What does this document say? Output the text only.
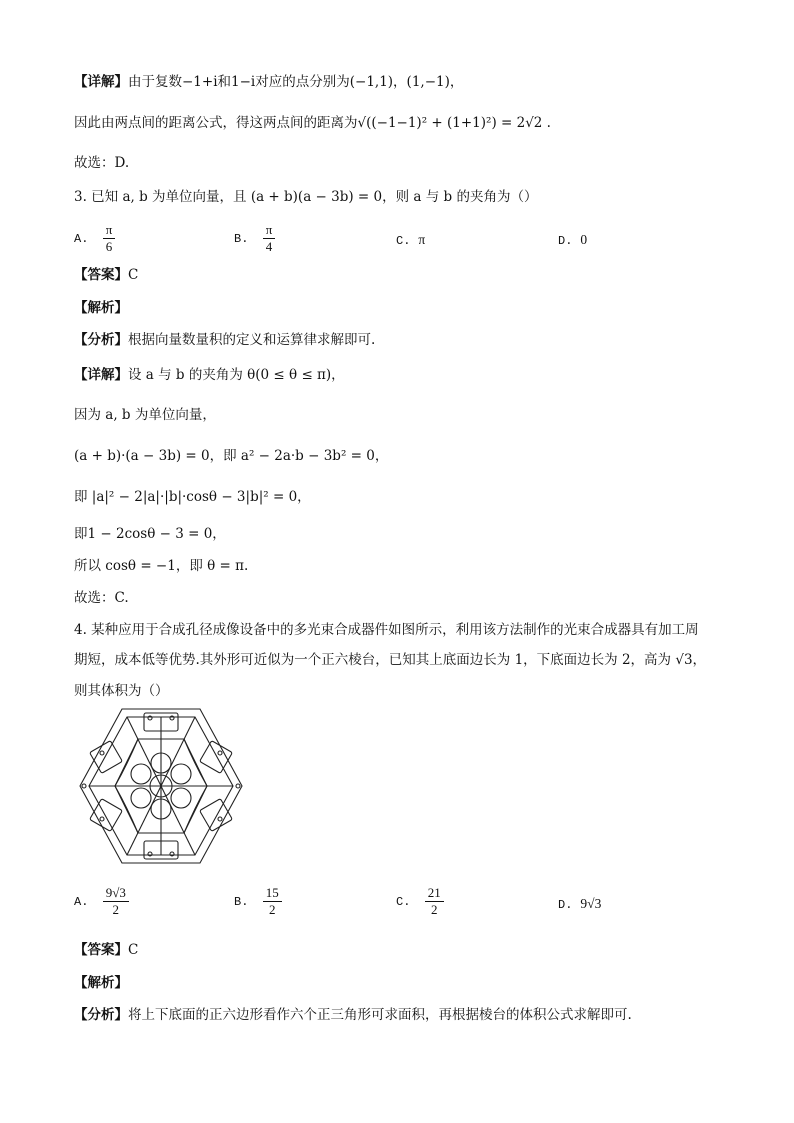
【详解】由于复数−1+i和1−i对应的点分别为(−1,1)，(1,−1)，
因此由两点间的距离公式，得这两点间的距离为√((−1−1)² + (1+1)²) = 2√2 .
故选：D.
3. 已知 a, b 为单位向量，且 (a + b)(a − 3b) = 0，则 a 与 b 的夹角为（）
A. $\frac{\pi}{6}$	B. $\frac{\pi}{4}$	C. π	D. 0
【答案】C
【解析】
【分析】根据向量数量积的定义和运算律求解即可.
【详解】设 a 与 b 的夹角为 θ(0 ≤ θ ≤ π)，
因为 a, b 为单位向量，
(a + b)·(a − 3b) = 0，即 a² − 2a·b − 3b² = 0，
即 |a|² − 2|a|·|b|·cosθ − 3|b|² = 0，
即1 − 2cosθ − 3 = 0，
所以 cosθ = −1，即 θ = π.
故选：C.
4. 某种应用于合成孔径成像设备中的多光束合成器件如图所示，利用该方法制作的光束合成器具有加工周
期短，成本低等优势.其外形可近似为一个正六棱台，已知其上底面边长为 1，下底面边长为 2，高为 √3，
则其体积为（）
A. $\frac{9√3}{2}$	B. $\frac{15}{2}$	C. $\frac{21}{2}$	D. 9√3
【答案】C
【解析】
【分析】将上下底面的正六边形看作六个正三角形可求面积，再根据棱台的体积公式求解即可.
